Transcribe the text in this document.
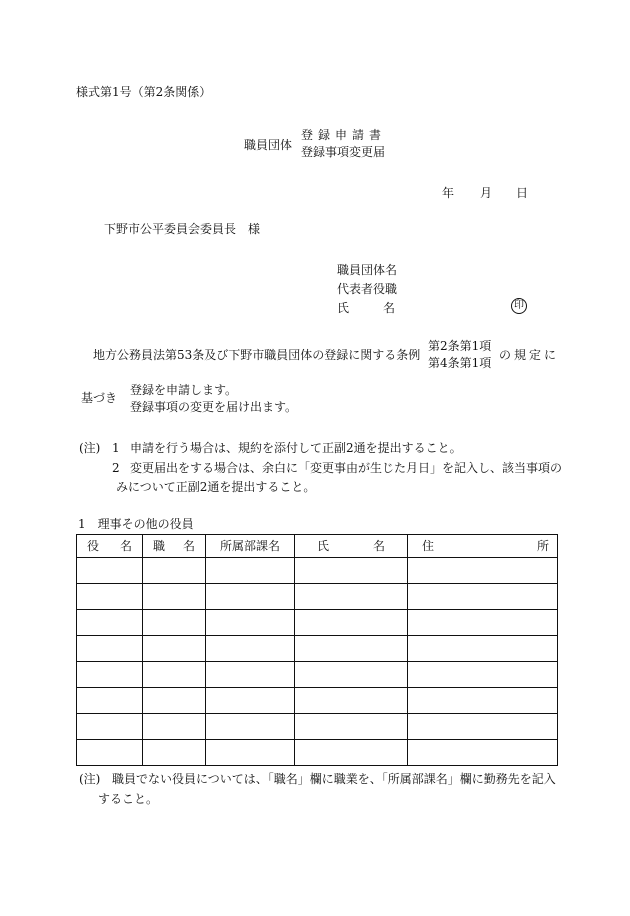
様式第1号（第2条関係）
職員団体
登録申請書
登録事項変更届
年 月 日
下野市公平委員会委員長　様
職員団体名
代表者役職
氏	名	印
地方公務員法第53条及び下野市職員団体の登録に関する条例
第2条第1項
第4条第1項
の規定に
基づき
登録を申請します。
登録事項の変更を届け出ます。
(注) 1 申請を行う場合は、規約を添付して正副2通を提出すること。
2 変更届出をする場合は、余白に「変更事由が生じた月日」を記入し、該当事項の
みについて正副2通を提出すること。
1　理事その他の役員
役 名	職 名	所属部課名	氏 名	住 所

(注) 職員でない役員については、「職名」欄に職業を、「所属部課名」欄に勤務先を記入
すること。
